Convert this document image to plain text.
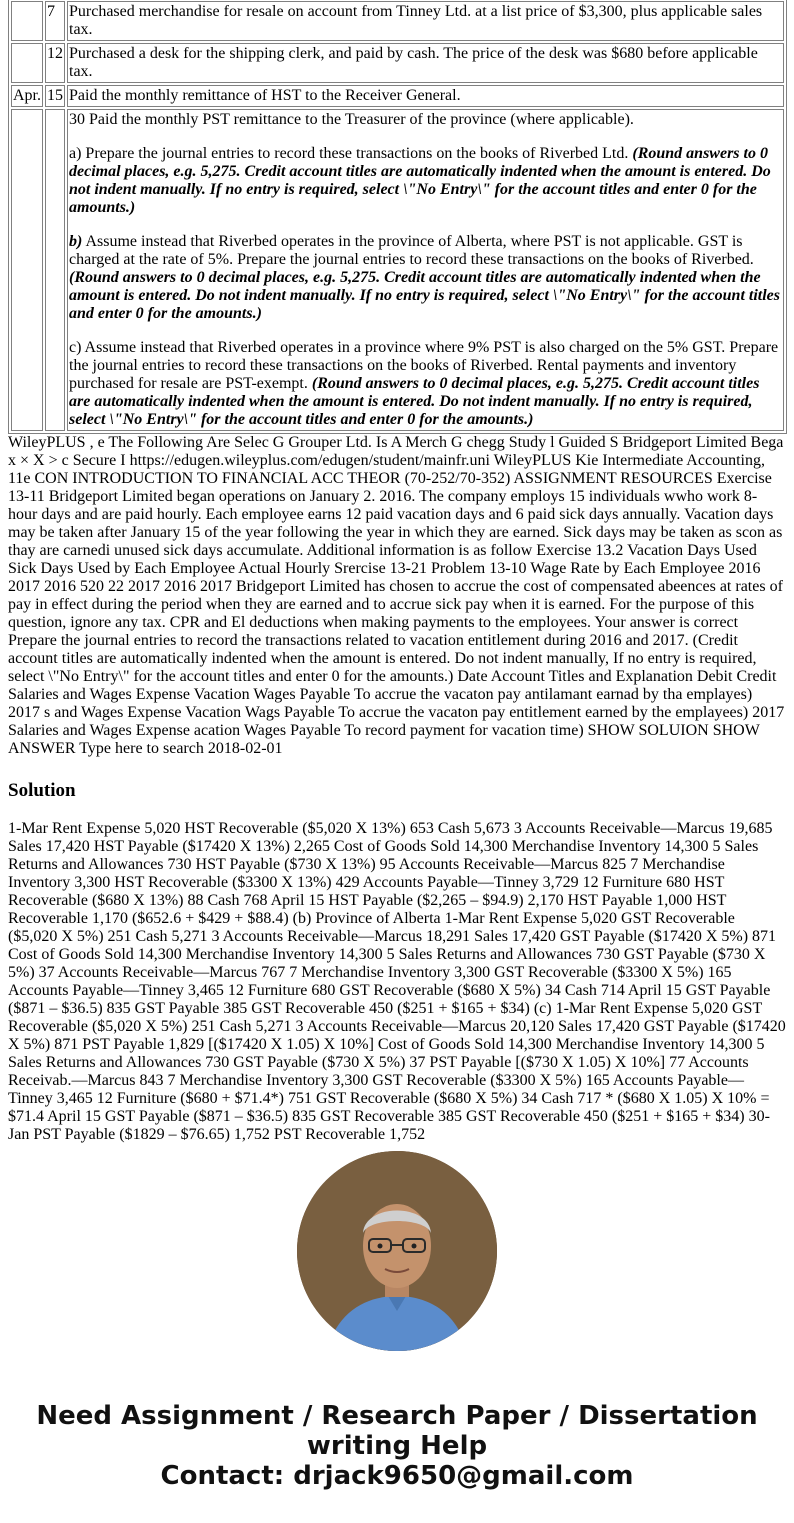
	7	Purchased merchandise for resale on account from Tinney Ltd. at a list price of $3,300, plus applicable sales tax.
	12	Purchased a desk for the shipping clerk, and paid by cash. The price of the desk was $680 before applicable tax.
Apr.	15	Paid the monthly remittance of HST to the Receiver General.

		30 Paid the monthly PST remittance to the Treasurer of the province (where applicable).

a) Prepare the journal entries to record these transactions on the books of Riverbed Ltd. (Round answers to 0 decimal places, e.g. 5,275. Credit account titles are automatically indented when the amount is entered. Do not indent manually. If no entry is required, select \"No Entry\" for the account titles and enter 0 for the amounts.)

b) Assume instead that Riverbed operates in the province of Alberta, where PST is not applicable. GST is charged at the rate of 5%. Prepare the journal entries to record these transactions on the books of Riverbed. (Round answers to 0 decimal places, e.g. 5,275. Credit account titles are automatically indented when the amount is entered. Do not indent manually. If no entry is required, select \"No Entry\" for the account titles and enter 0 for the amounts.)

c) Assume instead that Riverbed operates in a province where 9% PST is also charged on the 5% GST. Prepare the journal entries to record these transactions on the books of Riverbed. Rental payments and inventory purchased for resale are PST-exempt. (Round answers to 0 decimal places, e.g. 5,275. Credit account titles are automatically indented when the amount is entered. Do not indent manually. If no entry is required, select \"No Entry\" for the account titles and enter 0 for the amounts.)

WileyPLUS , e The Following Are Selec G Grouper Ltd. Is A Merch G chegg Study l Guided S Bridgeport Limited Bega x × X > c Secure I https://edugen.wileyplus.com/edugen/student/mainfr.uni WileyPLUS Kie Intermediate Accounting, 11e CON INTRODUCTION TO FINANCIAL ACC THEOR (70-252/70-352) ASSIGNMENT RESOURCES Exercise 13-11 Bridgeport Limited began operations on January 2. 2016. The company employs 15 individuals wwho work 8-hour days and are paid hourly. Each employee earns 12 paid vacation days and 6 paid sick days annually. Vacation days may be taken after January 15 of the year following the year in which they are earned. Sick days may be taken as scon as thay are carnedi unused sick days accumulate. Additional information is as follow Exercise 13.2 Vacation Days Used Sick Days Used by Each Employee Actual Hourly Srercise 13-21 Problem 13-10 Wage Rate by Each Employee 2016 2017 2016 520 22 2017 2016 2017 Bridgeport Limited has chosen to accrue the cost of compensated abeences at rates of pay in effect during the period when they are earned and to accrue sick pay when it is earned. For the purpose of this question, ignore any tax. CPR and El deductions when making payments to the employees. Your answer is correct Prepare the journal entries to record the transactions related to vacation entitlement during 2016 and 2017. (Credit account titles are automatically indented when the amount is entered. Do not indent manually, If no entry is required, select \"No Entry\" for the account titles and enter 0 for the amounts.) Date Account Titles and Explanation Debit Credit Salaries and Wages Expense Vacation Wages Payable To accrue the vacaton pay antilamant earnad by tha emplayes) 2017 s and Wages Expense Vacation Wags Payable To accrue the vacaton pay entitlement earned by the emplayees) 2017 Salaries and Wages Expense acation Wages Payable To record payment for vacation time) SHOW SOLUION SHOW ANSWER Type here to search 2018-02-01

Solution

1-Mar Rent Expense 5,020 HST Recoverable ($5,020 X 13%) 653 Cash 5,673 3 Accounts Receivable—Marcus 19,685 Sales 17,420 HST Payable ($17420 X 13%) 2,265 Cost of Goods Sold 14,300 Merchandise Inventory 14,300 5 Sales Returns and Allowances 730 HST Payable ($730 X 13%) 95 Accounts Receivable—Marcus 825 7 Merchandise Inventory 3,300 HST Recoverable ($3300 X 13%) 429 Accounts Payable—Tinney 3,729 12 Furniture 680 HST Recoverable ($680 X 13%) 88 Cash 768 April 15 HST Payable ($2,265 – $94.9) 2,170 HST Payable 1,000 HST Recoverable 1,170 ($652.6 + $429 + $88.4) (b) Province of Alberta 1-Mar Rent Expense 5,020 GST Recoverable ($5,020 X 5%) 251 Cash 5,271 3 Accounts Receivable—Marcus 18,291 Sales 17,420 GST Payable ($17420 X 5%) 871 Cost of Goods Sold 14,300 Merchandise Inventory 14,300 5 Sales Returns and Allowances 730 GST Payable ($730 X 5%) 37 Accounts Receivable—Marcus 767 7 Merchandise Inventory 3,300 GST Recoverable ($3300 X 5%) 165 Accounts Payable—Tinney 3,465 12 Furniture 680 GST Recoverable ($680 X 5%) 34 Cash 714 April 15 GST Payable ($871 – $36.5) 835 GST Payable 385 GST Recoverable 450 ($251 + $165 + $34) (c) 1-Mar Rent Expense 5,020 GST Recoverable ($5,020 X 5%) 251 Cash 5,271 3 Accounts Receivable—Marcus 20,120 Sales 17,420 GST Payable ($17420 X 5%) 871 PST Payable 1,829 [($17420 X 1.05) X 10%] Cost of Goods Sold 14,300 Merchandise Inventory 14,300 5 Sales Returns and Allowances 730 GST Payable ($730 X 5%) 37 PST Payable [($730 X 1.05) X 10%] 77 Accounts Receivab.—Marcus 843 7 Merchandise Inventory 3,300 GST Recoverable ($3300 X 5%) 165 Accounts Payable—Tinney 3,465 12 Furniture ($680 + $71.4*) 751 GST Recoverable ($680 X 5%) 34 Cash 717 * ($680 X 1.05) X 10% = $71.4 April 15 GST Payable ($871 – $36.5) 835 GST Recoverable 385 GST Recoverable 450 ($251 + $165 + $34) 30-Jan PST Payable ($1829 – $76.65) 1,752 PST Recoverable 1,752

Need Assignment / Research Paper / Dissertation
writing Help
Contact: drjack9650@gmail.com
